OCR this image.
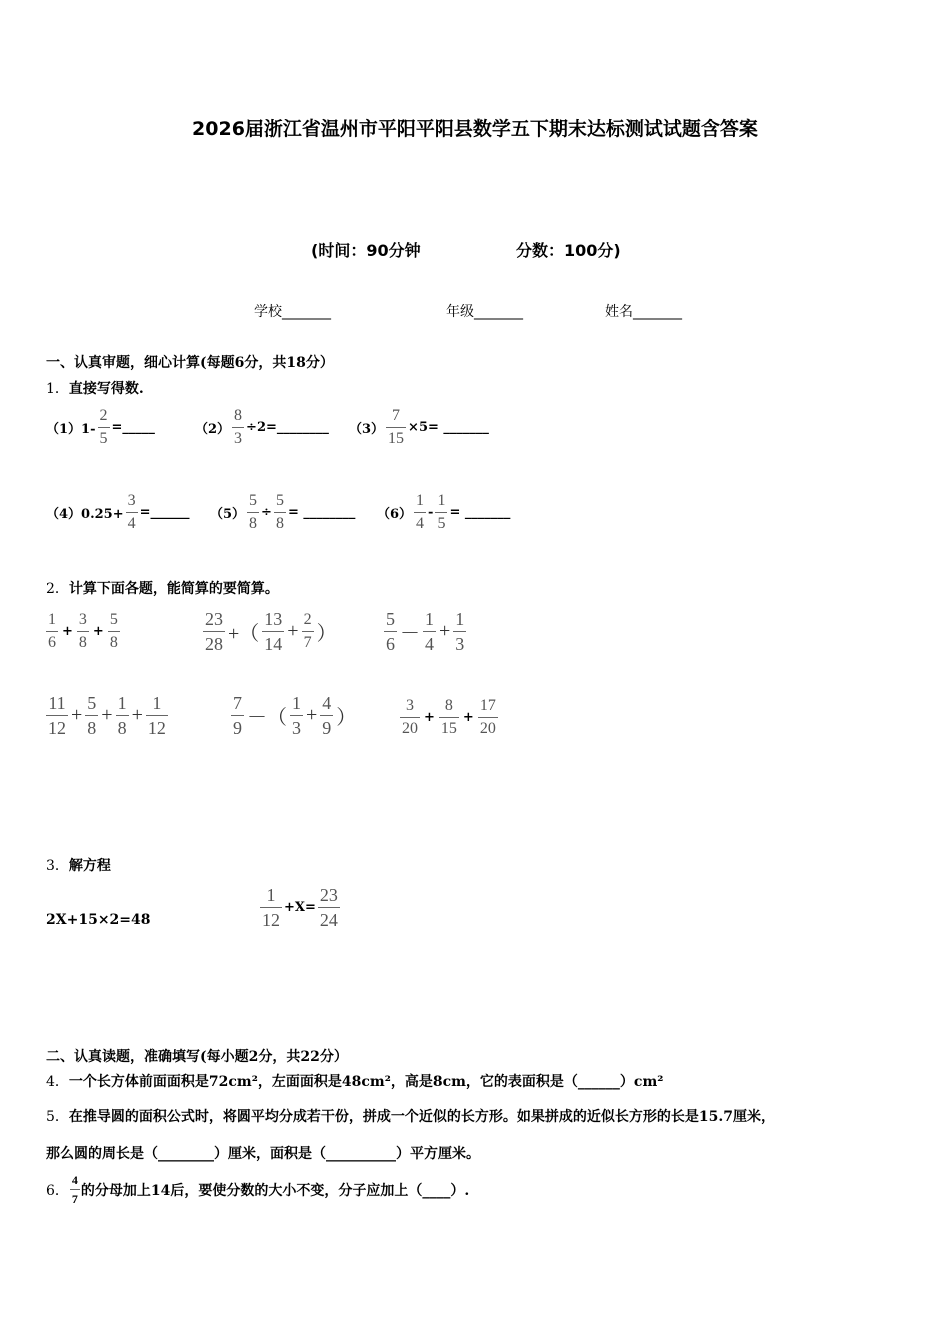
2026届浙江省温州市平阳平阳县数学五下期末达标测试试题含答案
(时间：90分钟	分数：100分)
学校_______	年级_______	姓名_______
一、认真审题，细心计算(每题6分，共18分）
1．直接写得数.
$(1)1- \frac{2}{5}$ =_____	$(2) \frac{8}{3}$ ÷2=________ $(3) \frac{7}{15} \times 5=$ _______
$(4)0.25+ \frac{3}{4}$ =______ $(5) \frac{5}{8} \div \frac{5}{8}$ = ________ $(6) \frac{1}{4} - \frac{1}{5}$ = _______
2．计算下面各题，能简算的要简算。
$\frac{1}{6} + \frac{3}{8} + \frac{5}{8}$	$\frac{23}{28}$ +（ $\frac{13}{14} + \frac{2}{7}$ ）	$\frac{5}{6} - \frac{1}{4} + \frac{1}{3}$
$\frac{11}{12} + \frac{5}{8} + \frac{1}{8} + \frac{1}{12}$	$\frac{7}{9}$ －（ $\frac{1}{3} + \frac{4}{9}$ ）	$\frac{3}{20} + \frac{8}{15} + \frac{17}{20}$
3．解方程
2X+15×2=48	$\frac{1}{12} +X= \frac{23}{24}$
二、认真读题，准确填写(每小题2分，共22分）
4．一个长方体前面面积是72cm²，左面面积是48cm²，高是8cm，它的表面积是（______）cm²
5．在推导圆的面积公式时，将圆平均分成若干份，拼成一个近似的长方形。如果拼成的近似长方形的长是15.7厘米，
那么圆的周长是（________）厘米，面积是（__________）平方厘米。
6． $\frac{4}{7}$ 的分母加上14后，要使分数的大小不变，分子应加上（____）.
